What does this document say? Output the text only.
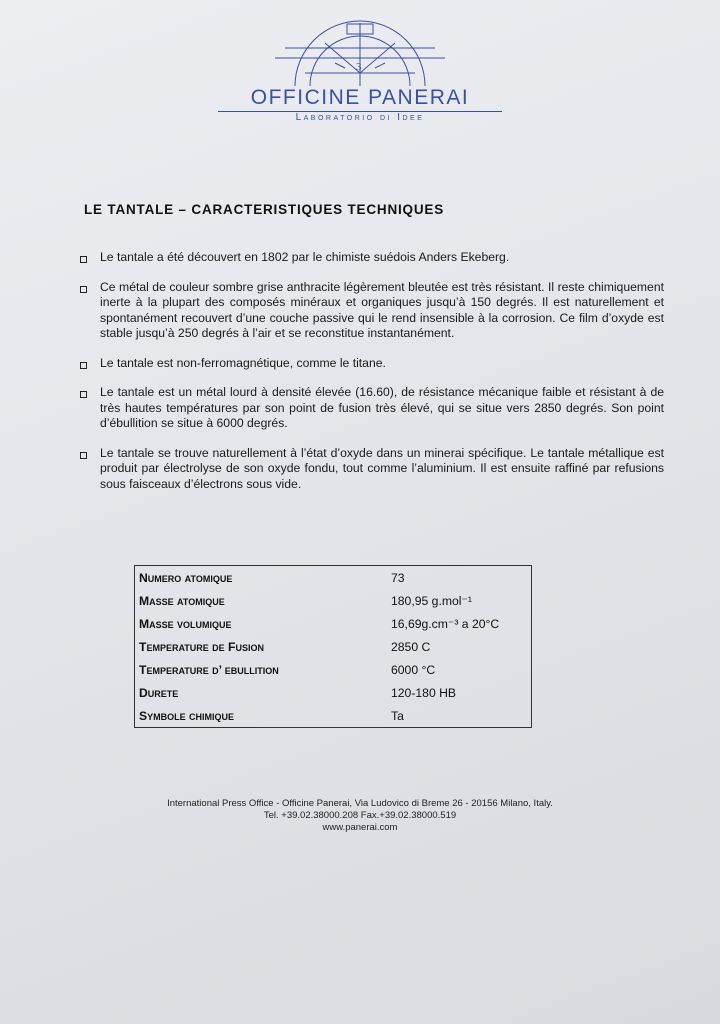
3
OFFICINE PANERAI
Laboratorio di Idee
LE TANTALE – CARACTERISTIQUES TECHNIQUES
Le tantale a été découvert en 1802 par le chimiste suédois Anders Ekeberg.
Ce métal de couleur sombre grise anthracite légèrement bleutée est très résistant. Il reste chimiquement inerte à la plupart des composés minéraux et organiques jusqu’à 150 degrés. Il est naturellement et spontanément recouvert d’une couche passive qui le rend insensible à la corrosion. Ce film d’oxyde est stable jusqu’à 250 degrés à l’air et se reconstitue instantanément.
Le tantale est non-ferromagnétique, comme le titane.
Le tantale est un métal lourd à densité élevée (16.60), de résistance mécanique faible et résistant à de très hautes températures par son point de fusion très élevé, qui se situe vers 2850 degrés. Son point d’ébullition se situe à 6000 degrés.
Le tantale se trouve naturellement à l’état d’oxyde dans un minerai spécifique. Le tantale métallique est produit par électrolyse de son oxyde fondu, tout comme l’aluminium. Il est ensuite raffiné par refusions sous faisceaux d’électrons sous vide.
Numero atomique	73
Masse atomique	180,95 g.mol⁻¹
Masse volumique	16,69g.cm⁻³ a 20°C
Temperature de Fusion	2850 C
Temperature d’ ebullition	6000 °C
Durete	120-180 HB
Symbole chimique	Ta
International Press Office - Officine Panerai, Via Ludovico di Breme 26 - 20156 Milano, Italy.
Tel. +39.02.38000.208 Fax.+39.02.38000.519
www.panerai.com
